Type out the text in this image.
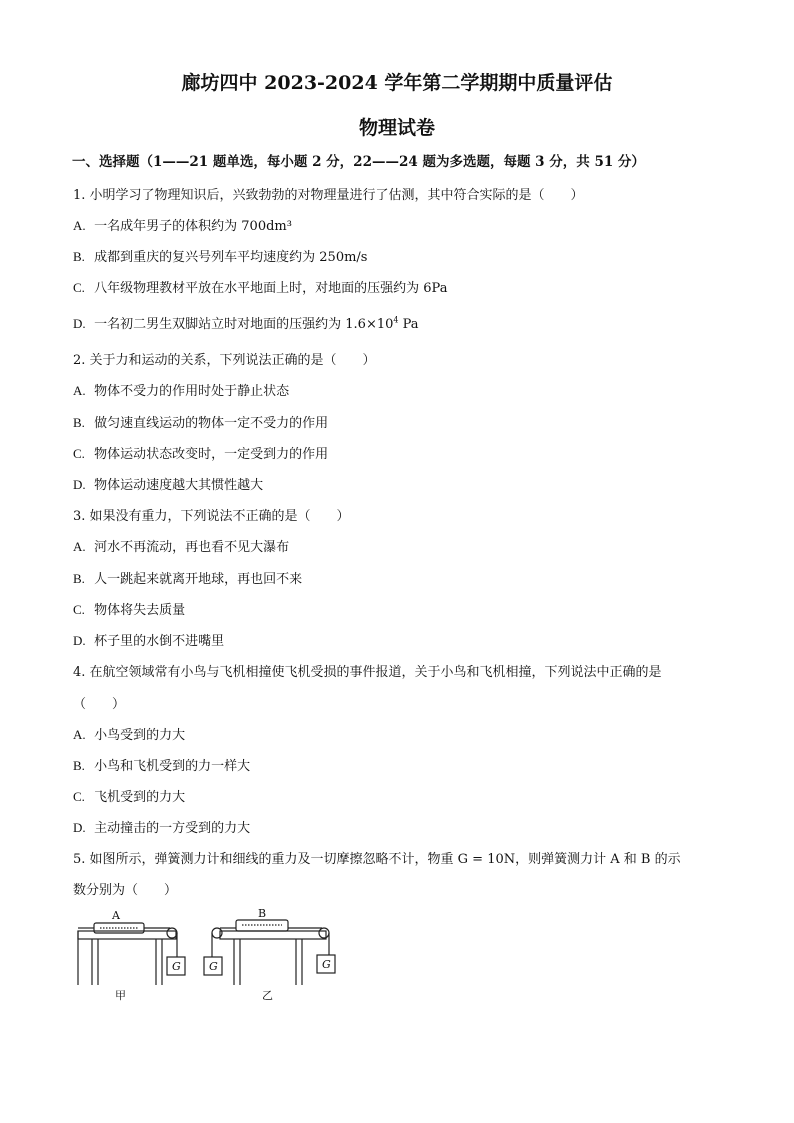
廊坊四中 2023-2024 学年第二学期期中质量评估
物理试卷
一、选择题（1——21 题单选，每小题 2 分，22——24 题为多选题，每题 3 分，共 51 分）
1. 小明学习了物理知识后，兴致勃勃的对物理量进行了估测，其中符合实际的是（　　）
A. 一名成年男子的体积约为 700dm³
B. 成都到重庆的复兴号列车平均速度约为 250m/s
C. 八年级物理教材平放在水平地面上时，对地面的压强约为 6Pa
D. 一名初二男生双脚站立时对地面的压强约为 $1.6\times 10^4$ Pa
2. 关于力和运动的关系，下列说法正确的是（　　）
A. 物体不受力的作用时处于静止状态
B. 做匀速直线运动的物体一定不受力的作用
C. 物体运动状态改变时，一定受到力的作用
D. 物体运动速度越大其惯性越大
3. 如果没有重力，下列说法不正确的是（　　）
A. 河水不再流动，再也看不见大瀑布
B. 人一跳起来就离开地球，再也回不来
C. 物体将失去质量
D. 杯子里的水倒不进嘴里
4. 在航空领域常有小鸟与飞机相撞使飞机受损的事件报道，关于小鸟和飞机相撞，下列说法中正确的是
（　　）
A. 小鸟受到的力大
B. 小鸟和飞机受到的力一样大
C. 飞机受到的力大
D. 主动撞击的一方受到的力大
5. 如图所示，弹簧测力计和细线的重力及一切摩擦忽略不计，物重 G = 10N，则弹簧测力计 A 和 B 的示
数分别为（　　）
A	B
G	G	G
甲	乙
